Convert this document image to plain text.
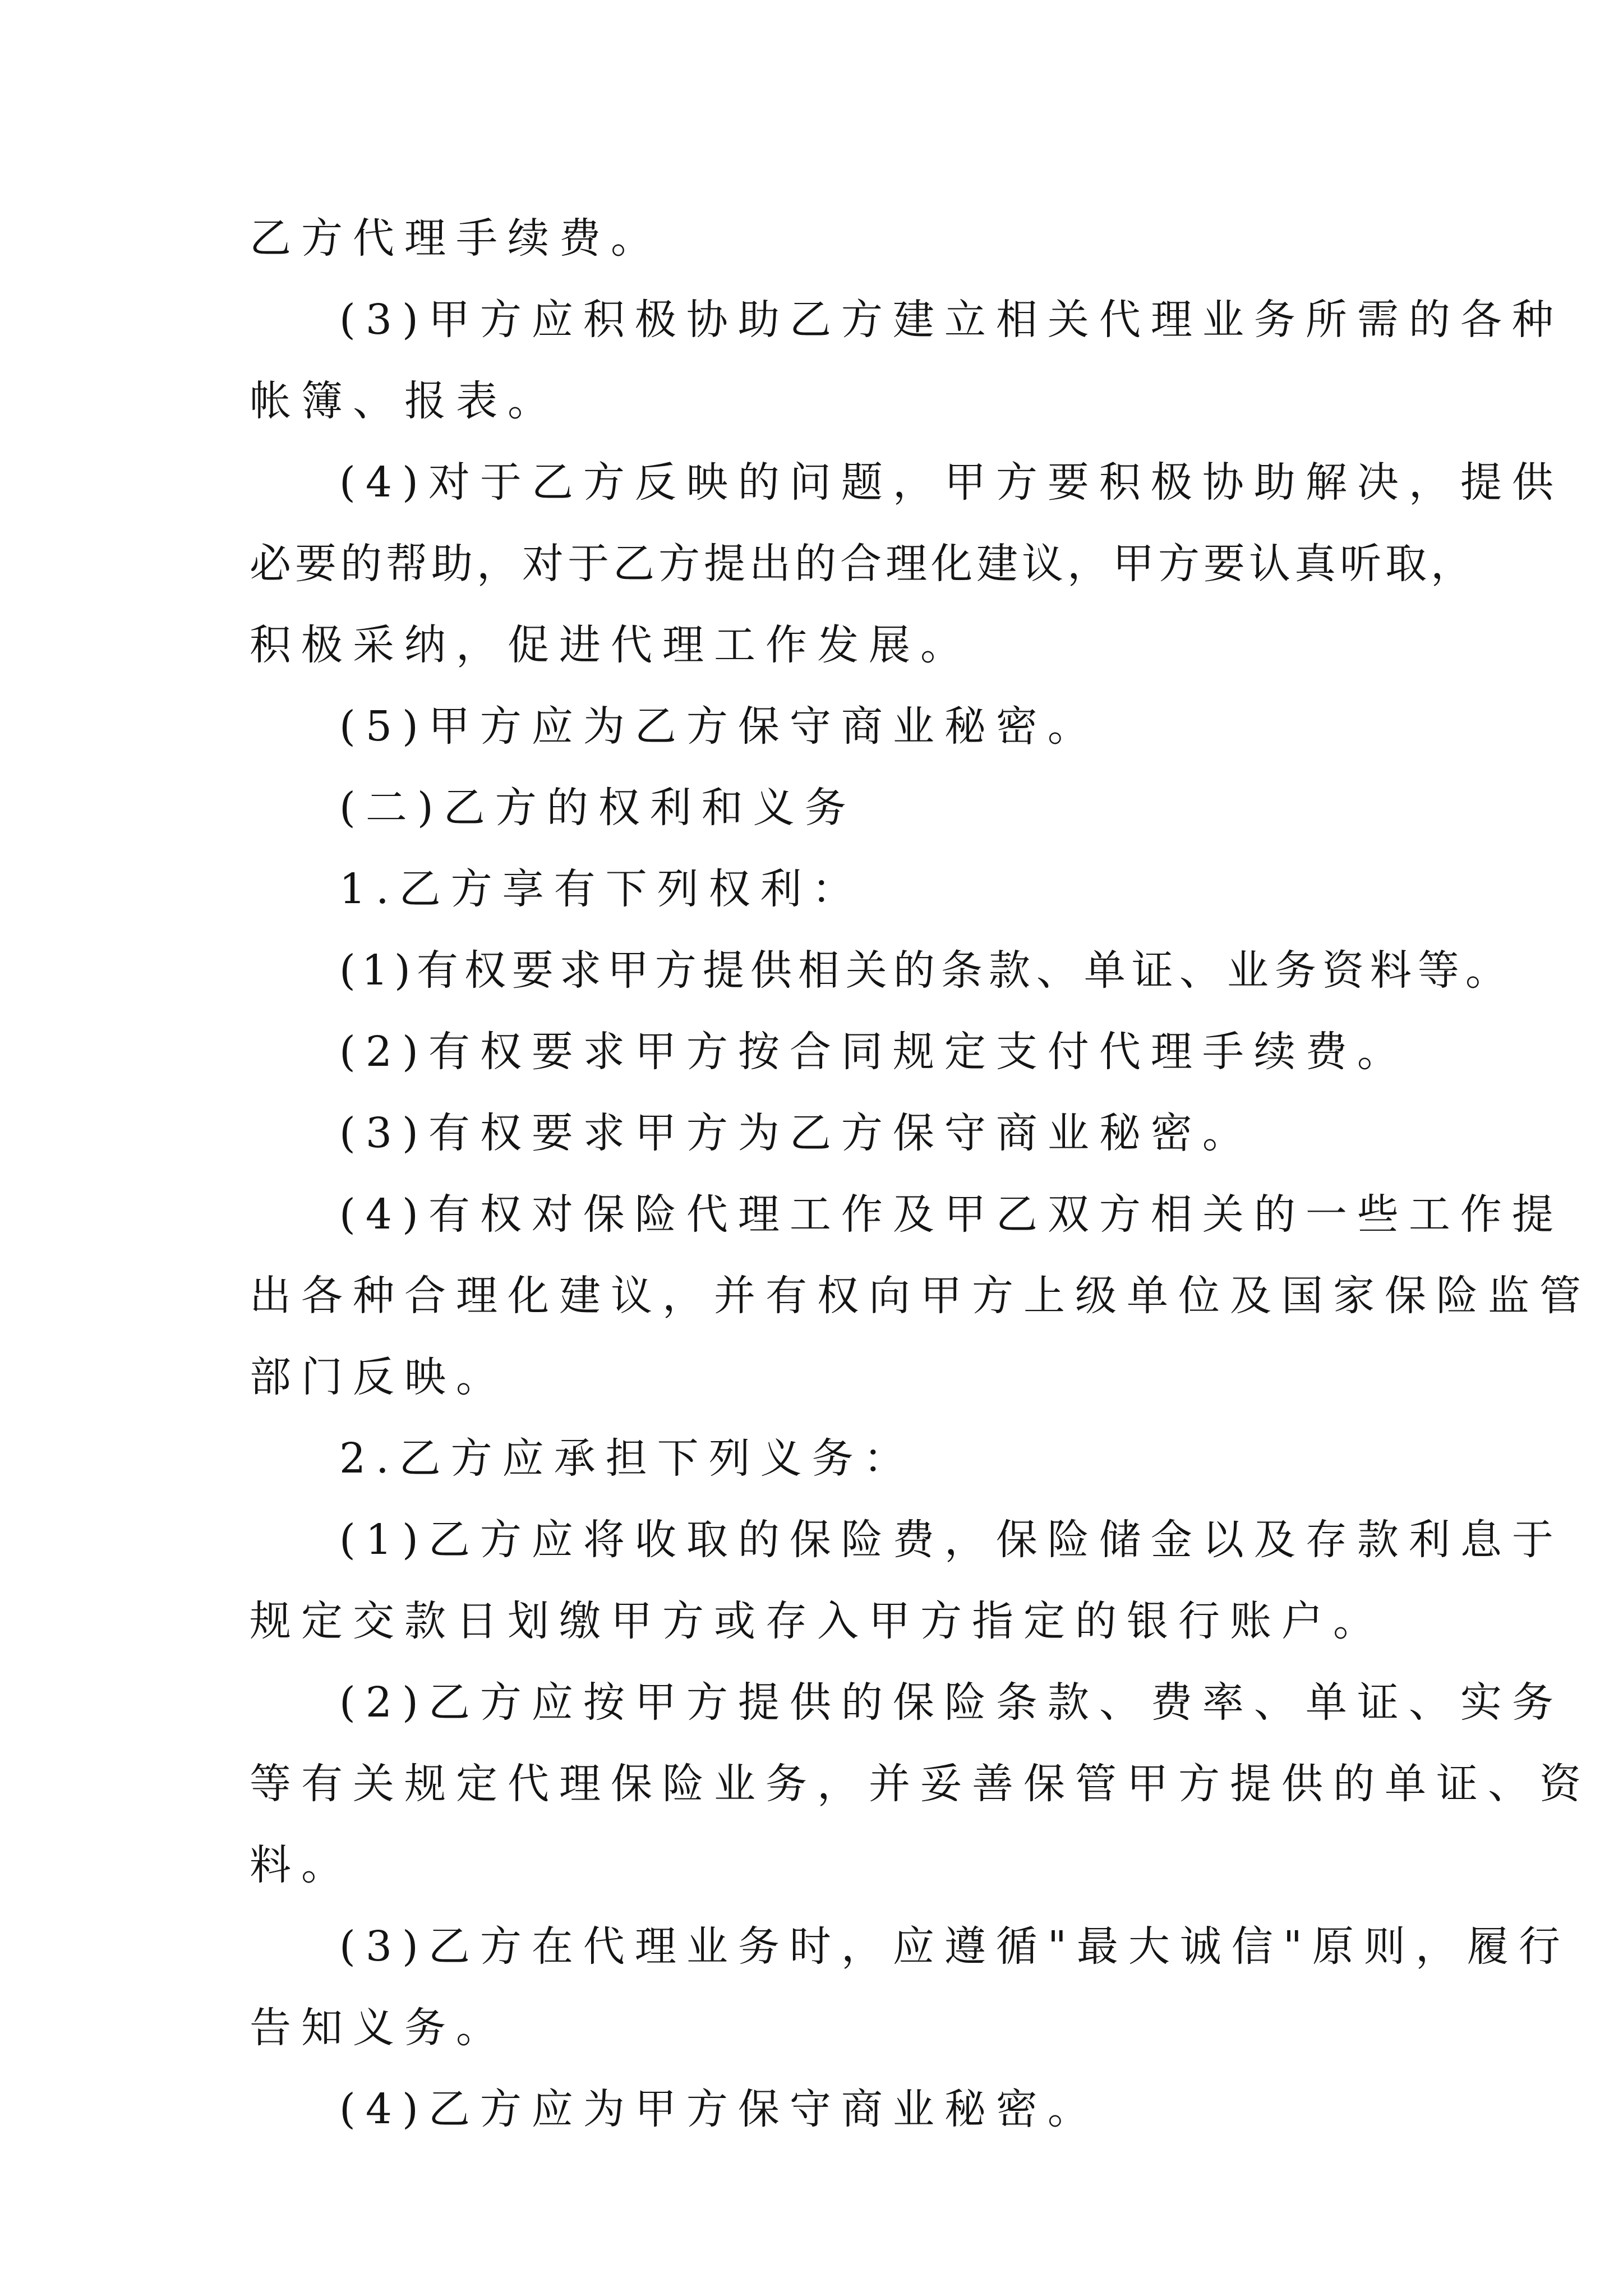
乙方代理手续费。
(3)甲方应积极协助乙方建立相关代理业务所需的各种
帐簿、报表。
(4)对于乙方反映的问题，甲方要积极协助解决，提供
必要的帮助，对于乙方提出的合理化建议，甲方要认真听取，
积极采纳，促进代理工作发展。
(5)甲方应为乙方保守商业秘密。
(二)乙方的权利和义务
1.乙方享有下列权利：
(1)有权要求甲方提供相关的条款、单证、业务资料等。
(2)有权要求甲方按合同规定支付代理手续费。
(3)有权要求甲方为乙方保守商业秘密。
(4)有权对保险代理工作及甲乙双方相关的一些工作提
出各种合理化建议，并有权向甲方上级单位及国家保险监管
部门反映。
2.乙方应承担下列义务：
(1)乙方应将收取的保险费，保险储金以及存款利息于
规定交款日划缴甲方或存入甲方指定的银行账户。
(2)乙方应按甲方提供的保险条款、费率、单证、实务
等有关规定代理保险业务，并妥善保管甲方提供的单证、资
料。
(3)乙方在代理业务时，应遵循"最大诚信"原则，履行
告知义务。
(4)乙方应为甲方保守商业秘密。
